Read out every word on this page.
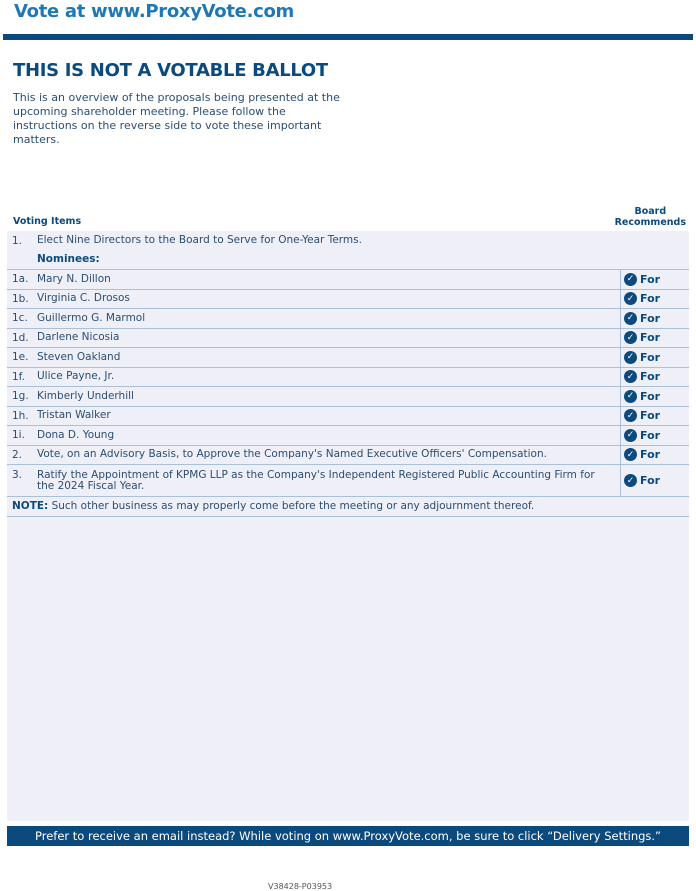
Vote at www.ProxyVote.com
THIS IS NOT A VOTABLE BALLOT
This is an overview of the proposals being presented at the upcoming shareholder meeting. Please follow the instructions on the reverse side to vote these important matters.
Voting Items
Board
Recommends
1.	Elect Nine Directors to the Board to Serve for One-Year Terms.
Nominees:
1a. Mary N. Dillon	✓ For
1b. Virginia C. Drosos	✓ For
1c. Guillermo G. Marmol	✓ For
1d. Darlene Nicosia	✓ For
1e. Steven Oakland	✓ For
1f.	Ulice Payne, Jr.	✓ For
1g. Kimberly Underhill	✓ For
1h. Tristan Walker	✓ For
1i.	Dona D. Young	✓ For
2.	Vote, on an Advisory Basis, to Approve the Company's Named Executive Officers' Compensation.	✓ For
3.	Ratify the Appointment of KPMG LLP as the Company's Independent Registered Public Accounting Firm for the 2024 Fiscal Year.	✓ For
NOTE: Such other business as may properly come before the meeting or any adjournment thereof.
Prefer to receive an email instead? While voting on www.ProxyVote.com, be sure to click “Delivery Settings.”
V38428-P03953
